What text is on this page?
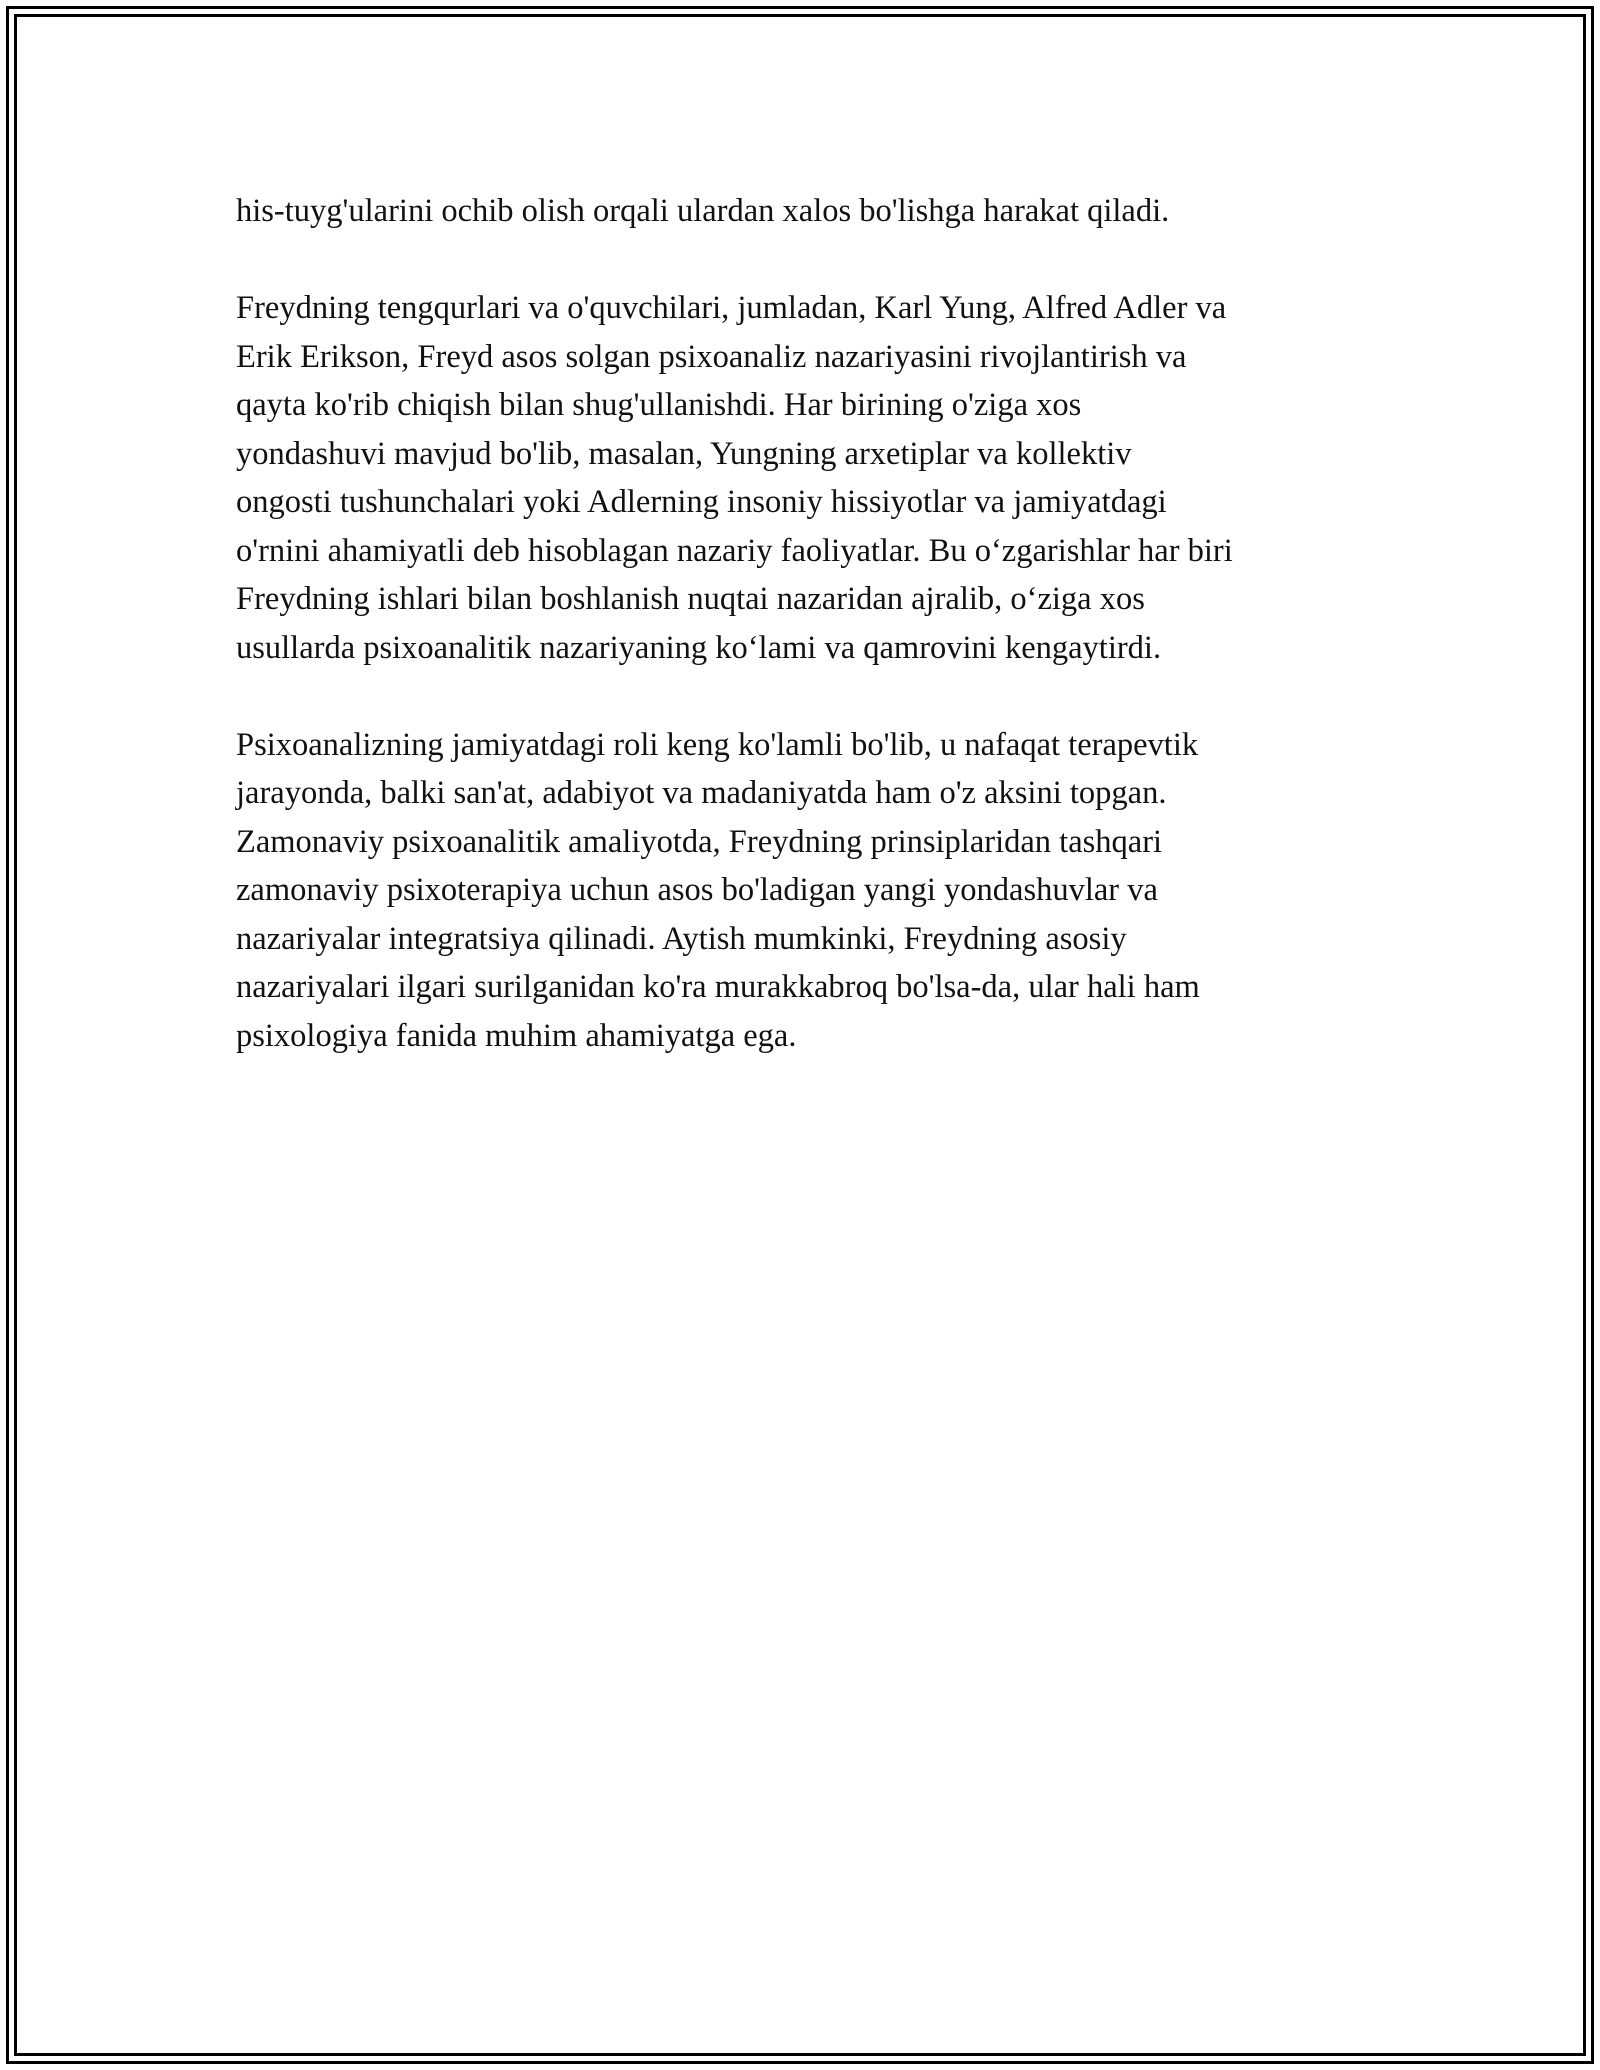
his-tuyg'ularini ochib olish orqali ulardan xalos bo'lishga harakat qiladi.

Freydning tengqurlari va o'quvchilari, jumladan, Karl Yung, Alfred Adler va
Erik Erikson, Freyd asos solgan psixoanaliz nazariyasini rivojlantirish va
qayta ko'rib chiqish bilan shug'ullanishdi. Har birining o'ziga xos
yondashuvi mavjud bo'lib, masalan, Yungning arxetiplar va kollektiv
ongosti tushunchalari yoki Adlerning insoniy hissiyotlar va jamiyatdagi
o'rnini ahamiyatli deb hisoblagan nazariy faoliyatlar. Bu o‘zgarishlar har biri
Freydning ishlari bilan boshlanish nuqtai nazaridan ajralib, o‘ziga xos
usullarda psixoanalitik nazariyaning ko‘lami va qamrovini kengaytirdi.

Psixoanalizning jamiyatdagi roli keng ko'lamli bo'lib, u nafaqat terapevtik
jarayonda, balki san'at, adabiyot va madaniyatda ham o'z aksini topgan.
Zamonaviy psixoanalitik amaliyotda, Freydning prinsiplaridan tashqari
zamonaviy psixoterapiya uchun asos bo'ladigan yangi yondashuvlar va
nazariyalar integratsiya qilinadi. Aytish mumkinki, Freydning asosiy
nazariyalari ilgari surilganidan ko'ra murakkabroq bo'lsa-da, ular hali ham
psixologiya fanida muhim ahamiyatga ega.
